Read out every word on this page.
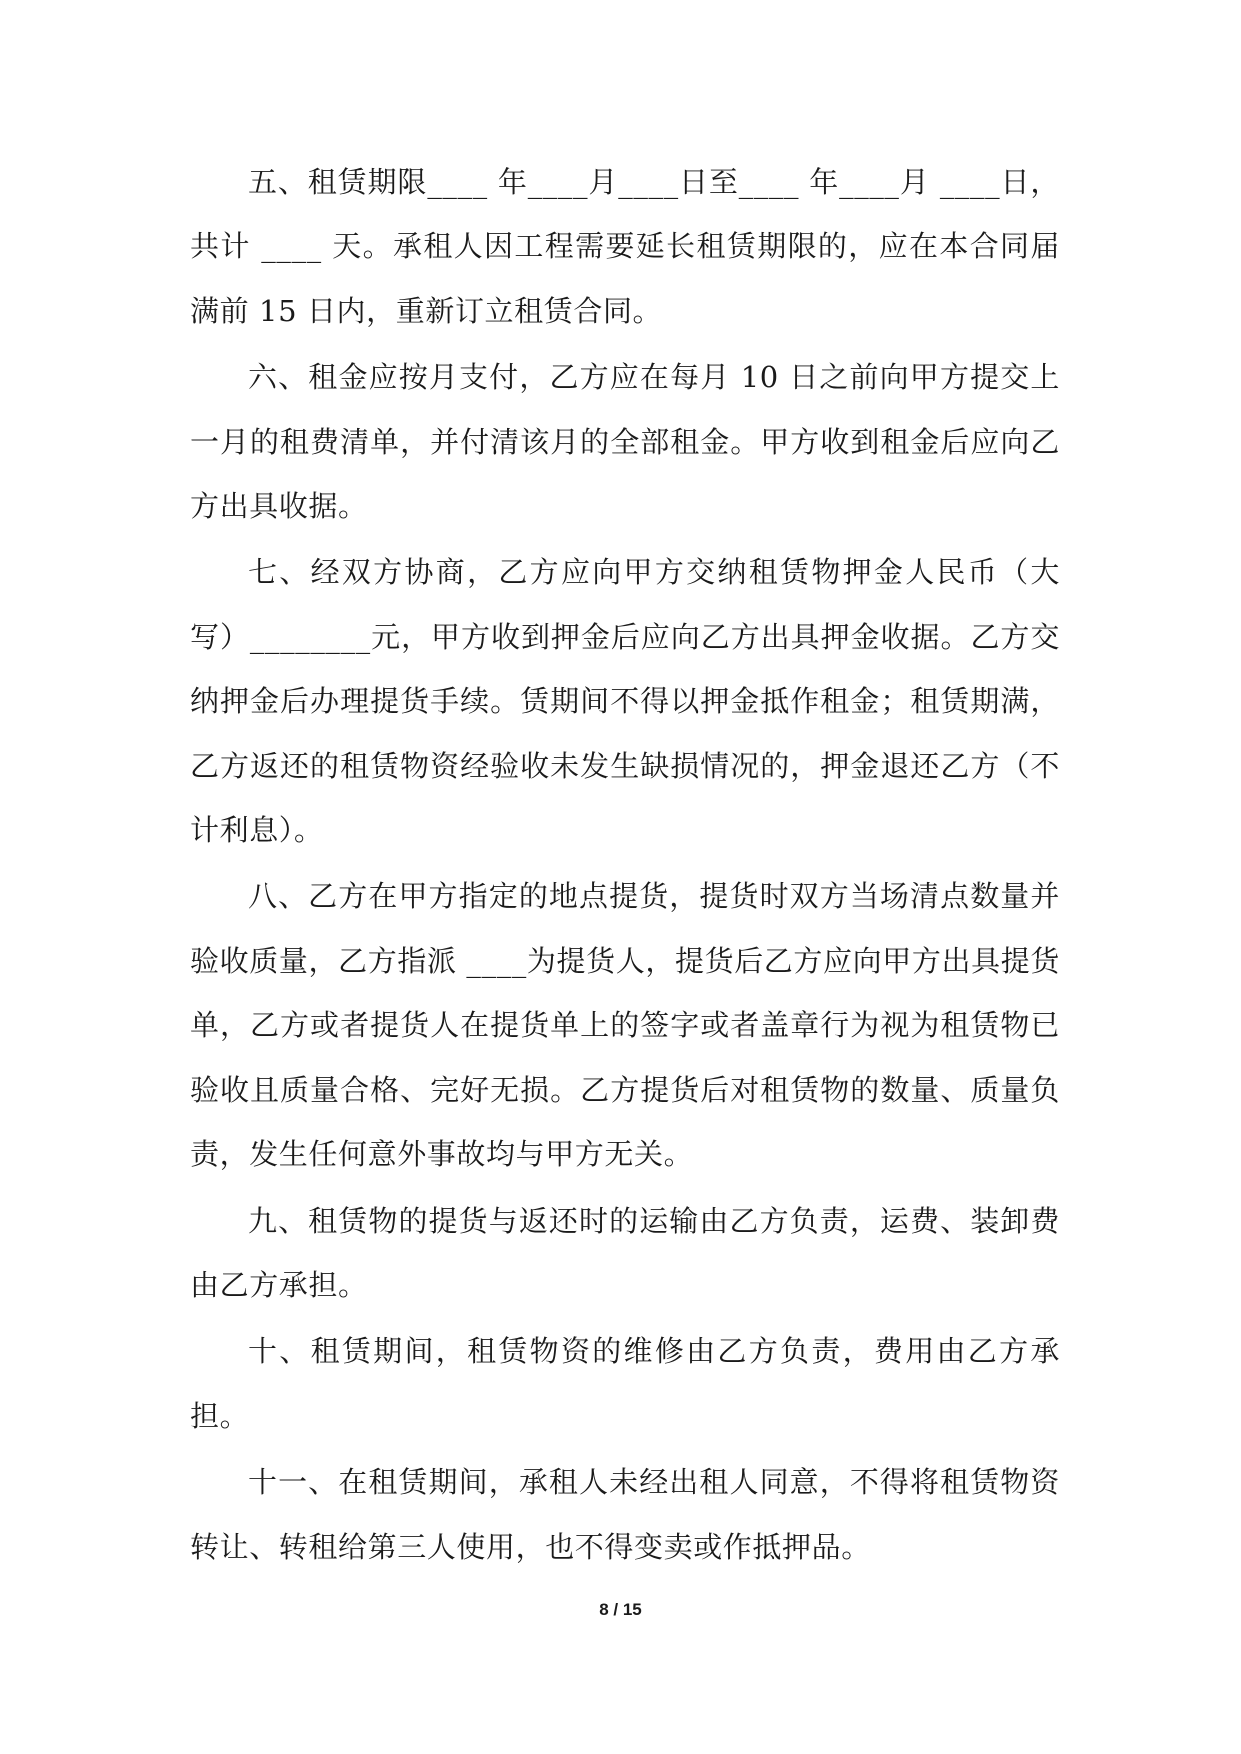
五、租赁期限____ 年____月____日至____ 年____月 ____日，共计 ____ 天。承租人因工程需要延长租赁期限的，应在本合同届满前 15 日内，重新订立租赁合同。

六、租金应按月支付，乙方应在每月 10 日之前向甲方提交上一月的租费清单，并付清该月的全部租金。甲方收到租金后应向乙方出具收据。

七、经双方协商，乙方应向甲方交纳租赁物押金人民币（大写）________元，甲方收到押金后应向乙方出具押金收据。乙方交纳押金后办理提货手续。赁期间不得以押金抵作租金；租赁期满，乙方返还的租赁物资经验收未发生缺损情况的，押金退还乙方（不计利息）。

八、乙方在甲方指定的地点提货，提货时双方当场清点数量并验收质量，乙方指派 ____为提货人，提货后乙方应向甲方出具提货单，乙方或者提货人在提货单上的签字或者盖章行为视为租赁物已验收且质量合格、完好无损。乙方提货后对租赁物的数量、质量负责，发生任何意外事故均与甲方无关。

九、租赁物的提货与返还时的运输由乙方负责，运费、装卸费由乙方承担。

十、租赁期间，租赁物资的维修由乙方负责，费用由乙方承担。

十一、在租赁期间，承租人未经出租人同意，不得将租赁物资转让、转租给第三人使用，也不得变卖或作抵押品。

8 / 15
